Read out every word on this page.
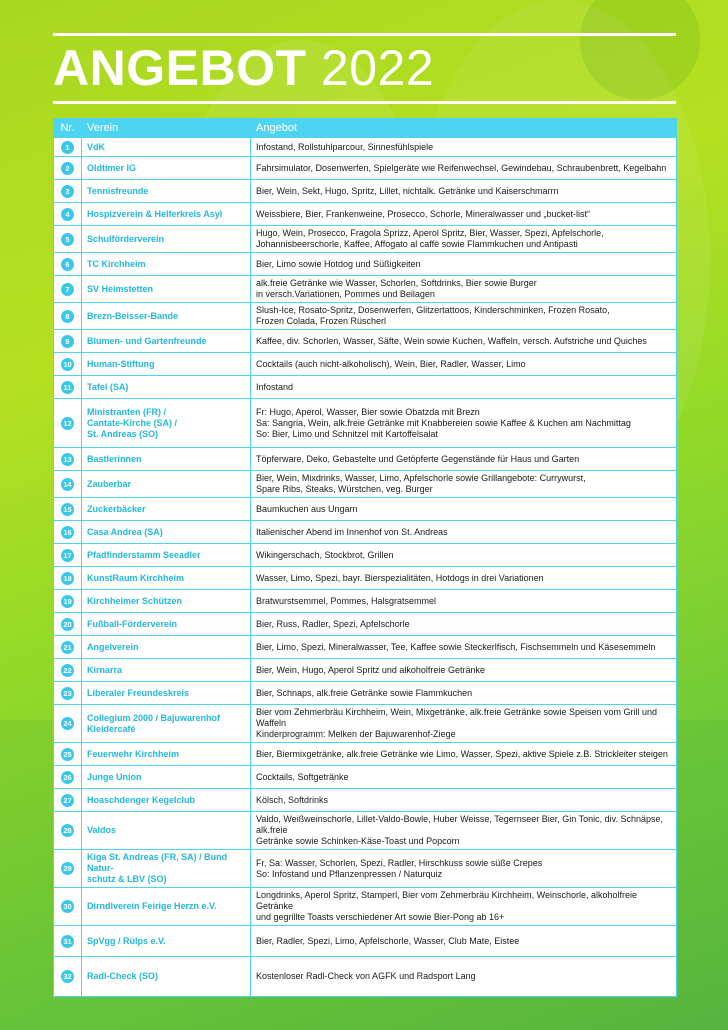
ANGEBOT 2022
Nr.	Verein	Angebot
1	VdK	Infostand, Rollstuhlparcour, Sinnesfühlspiele

2	Oldtimer IG	Fahrsimulator, Dosenwerfen, Spielgeräte wie Reifenwechsel, Gewindebau, Schraubenbrett, Kegelbahn

3	Tennisfreunde	Bier, Wein, Sekt, Hugo, Spritz, Lillet, nichtalk. Getränke und Kaiserschmarrn

4	Hospizverein & Helferkreis Asyl	Weissbiere, Bier, Frankenweine, Prosecco, Schorle, Mineralwasser und „bucket-list“

5	Schulförderverein	Hugo, Wein, Prosecco, Fragola Sprizz, Aperol Spritz, Bier, Wasser, Spezi, Apfelschorle,
Johannisbeerschorle, Kaffee, Affogato al caffè sowie Flammkuchen und Antipasti

6	TC Kirchheim	Bier, Limo sowie Hotdog und Süßigkeiten

7	SV Heimstetten	alk.freie Getränke wie Wasser, Schorlen, Softdrinks, Bier sowie Burger
in versch.Variationen, Pommes und Beilagen

8	Brezn-Beisser-Bande	Slush-Ice, Rosato-Spritz, Dosenwerfen, Glitzertattoos, Kinderschminken, Frozen Rosato,
Frozen Colada, Frozen Rüscherl

9	Blumen- und Gartenfreunde	Kaffee, div. Schorlen, Wasser, Säfte, Wein sowie Kuchen, Waffeln, versch. Aufstriche und Quiches

10	Human-Stiftung	Cocktails (auch nicht-alkoholisch), Wein, Bier, Radler, Wasser, Limo

11	Tafel (SA)	Infostand

12	Ministranten (FR) /
Cantate-Kirche (SA) /
St. Andreas (SO)	Fr: Hugo, Aperol, Wasser, Bier sowie Obatzda mit Brezn
Sa: Sangria, Wein, alk.freie Getränke mit Knabbereien sowie Kaffee & Kuchen am Nachmittag
So: Bier, Limo und Schnitzel mit Kartoffelsalat

13	Bastlerinnen	Töpferware, Deko, Gebastelte und Getöpferte Gegenstände für Haus und Garten

14	Zauberbar	Bier, Wein, Mixdrinks, Wasser, Limo, Apfelschorle sowie Grillangebote: Currywurst,
Spare Ribs, Steaks, Würstchen, veg. Burger

15	Zuckerbäcker	Baumkuchen aus Ungarn

16	Casa Andrea (SA)	Italienischer Abend im Innenhof von St. Andreas

17	Pfadfinderstamm Seeadler	Wikingerschach, Stockbrot, Grillen

18	KunstRaum Kirchheim	Wasser, Limo, Spezi, bayr. Bierspezialitäten, Hotdogs in drei Variationen

19	Kirchheimer Schützen	Bratwurstsemmel, Pommes, Halsgratsemmel

20	Fußball-Förderverein	Bier, Russ, Radler, Spezi, Apfelschorle

21	Angelverein	Bier, Limo, Spezi, Mineralwasser, Tee, Kaffee sowie Steckerlfisch, Fischsemmeln und Käsesemmeln

22	Kirnarra	Bier, Wein, Hugo, Aperol Spritz und alkoholfreie Getränke

23	Liberaler Freundeskreis	Bier, Schnaps, alk.freie Getränke sowie Flammkuchen

24	Collegium 2000 / Bajuwarenhof
Kleidercafé	Bier vom Zehmerbräu Kirchheim, Wein, Mixgetränke, alk.freie Getränke sowie Speisen vom Grill und Waffeln
Kinderprogramm: Melken der Bajuwarenhof-Ziege

25	Feuerwehr Kirchheim	Bier, Biermixgetränke, alk.freie Getränke wie Limo, Wasser, Spezi, aktive Spiele z.B. Strickleiter steigen

26	Junge Union	Cocktails, Softgetränke

27	Hoaschdenger Kegelclub	Kölsch, Softdrinks

28	Valdos	Valdo, Weißweinschorle, Lillet-Valdo-Bowle, Huber Weisse, Tegernseer Bier, Gin Tonic, div. Schnäpse, alk.freie
Getränke sowie Schinken-Käse-Toast und Popcorn

29	Kiga St. Andreas (FR, SA) / Bund Natur-
schutz & LBV (SO)	Fr, Sa: Wasser, Schorlen, Spezi, Radler, Hirschkuss sowie süße Crepes
So: Infostand und Pflanzenpressen / Naturquiz

30	Dirndlverein Feirige Herzn e.V.	Longdrinks, Aperol Spritz, Stamperl, Bier vom Zehmerbräu Kirchheim, Weinschorle, alkoholfreie Getränke
und gegrillte Toasts verschiedener Art sowie Bier-Pong ab 16+

31	SpVgg / Rülps e.V.	Bier, Radler, Spezi, Limo, Apfelschorle, Wasser, Club Mate, Eistee

32	Radl-Check (SO)	Kostenloser Radl-Check von AGFK und Radsport Lang
